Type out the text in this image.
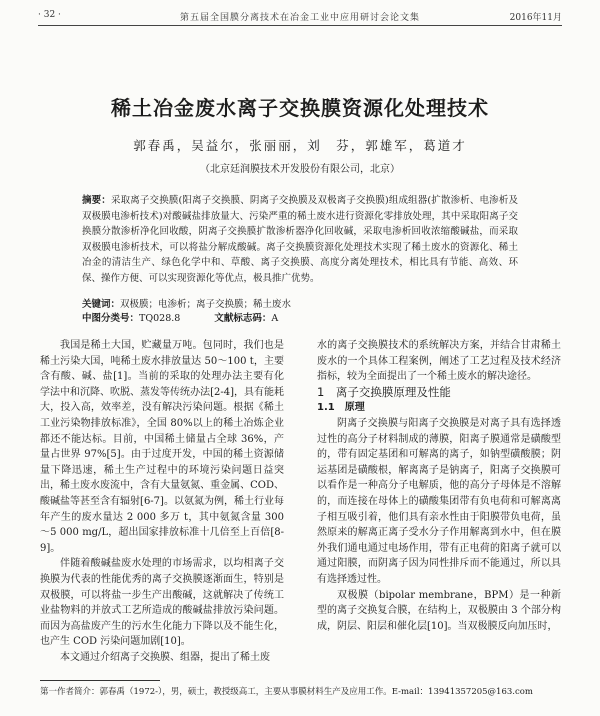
· 32 ·	第五届全国膜分离技术在冶金工业中应用研讨会论文集	2016年11月
稀土冶金废水离子交换膜资源化处理技术
郭春禹，吴益尔，张丽丽，刘　芬，郭雄军，葛道才
（北京廷润膜技术开发股份有限公司，北京）
摘要：采取离子交换膜(阳离子交换膜、阴离子交换膜及双极离子交换膜)组成组器(扩散渗析、电渗析及双极膜电渗析技术)对酸碱盐排放量大、污染严重的稀土废水进行资源化零排放处理，其中采取阳离子交换膜分散渗析净化回收酸，阴离子交换膜扩散渗析器净化回收碱，采取电渗析回收浓缩酸碱盐，而采取双极膜电渗析技术，可以将盐分解成酸碱。离子交换膜资源化处理技术实现了稀土废水的资源化、稀土冶金的清洁生产、绿色化学中和、草酸、离子交换膜、高度分离处理技术，相比具有节能、高效、环保、操作方便、可以实现资源化等优点，极具推广优势。
关键词：双极膜；电渗析；离子交换膜；稀土废水
中图分类号：TQ028.8	文献标志码：A

我国是稀土大国，贮藏量万吨。包同时，我们也是稀土污染大国，吨稀土废水排放量达 50～100 t，主要含有酸、碱、盐[1]。当前的采取的处理办法主要有化学法中和沉降、吹脱、蒸发等传统办法[2-4]，具有能耗大，投入高，效率差，没有解决污染问题。根据《稀土工业污染物排放标准》，全国 80%以上的稀土冶炼企业都还不能达标。目前，中国稀土储量占全球 36%，产量占世界 97%[5]。由于过度开发，中国的稀土资源储量下降迅速，稀土生产过程中的环境污染问题日益突出，稀土废水废流中，含有大量氨氮、重金属、COD、酸碱盐等甚至含有辐射[6-7]。以氨氮为例，稀土行业每年产生的废水量达 2 000 多万 t，其中氨氮含量 300～5 000 mg/L，超出国家排放标准十几倍至上百倍[8-9]。

伴随着酸碱盐废水处理的市场需求，以均相离子交换膜为代表的性能优秀的离子交换膜逐渐面生，特别是双极膜，可以将盐一步生产出酸碱，这就解决了传统工业盐物料的并放式工艺所造成的酸碱盐排放污染问题。而因为高盐废产生的污水生化能力下降以及不能生化，也产生 COD 污染问题加剧[10]。

本文通过介绍离子交换膜、组器，提出了稀土废

水的离子交换膜技术的系统解决方案，并结合甘肃稀土废水的一个具体工程案例，阐述了工艺过程及技术经济指标，较为全面提出了一个稀土废水的解决途径。

1　离子交换膜原理及性能

1.1　原理

阴离子交换膜与阳离子交换膜是对离子具有选择透过性的高分子材料制成的薄膜，阳离子膜通常是磺酸型的，带有固定基团和可解离的离子，如钠型磺酸膜；阴运基团是磺酸根，解离离子是钠离子，阳离子交换膜可以看作是一种高分子电解质，他的高分子母体是不溶解的，而连接在母体上的磺酸集团带有负电荷和可解离离子相互吸引着，他们具有亲水性由于阳膜带负电荷，虽然原来的解离正离子受水分子作用解离到水中，但在膜外我们通电通过电场作用，带有正电荷的阳离子就可以通过阳膜，而阴离子因为同性排斥而不能通过，所以具有选择透过性。

双极膜（bipolar membrane，BPM）是一种新型的离子交换复合膜，在结构上，双极膜由 3 个部分构成，阴层、阳层和催化层[10]。当双极膜反向加压时，

第一作者简介：郭春禹（1972-），男，硕士，教授级高工，主要从事膜材料生产及应用工作。E-mail：13941357205@163.com
